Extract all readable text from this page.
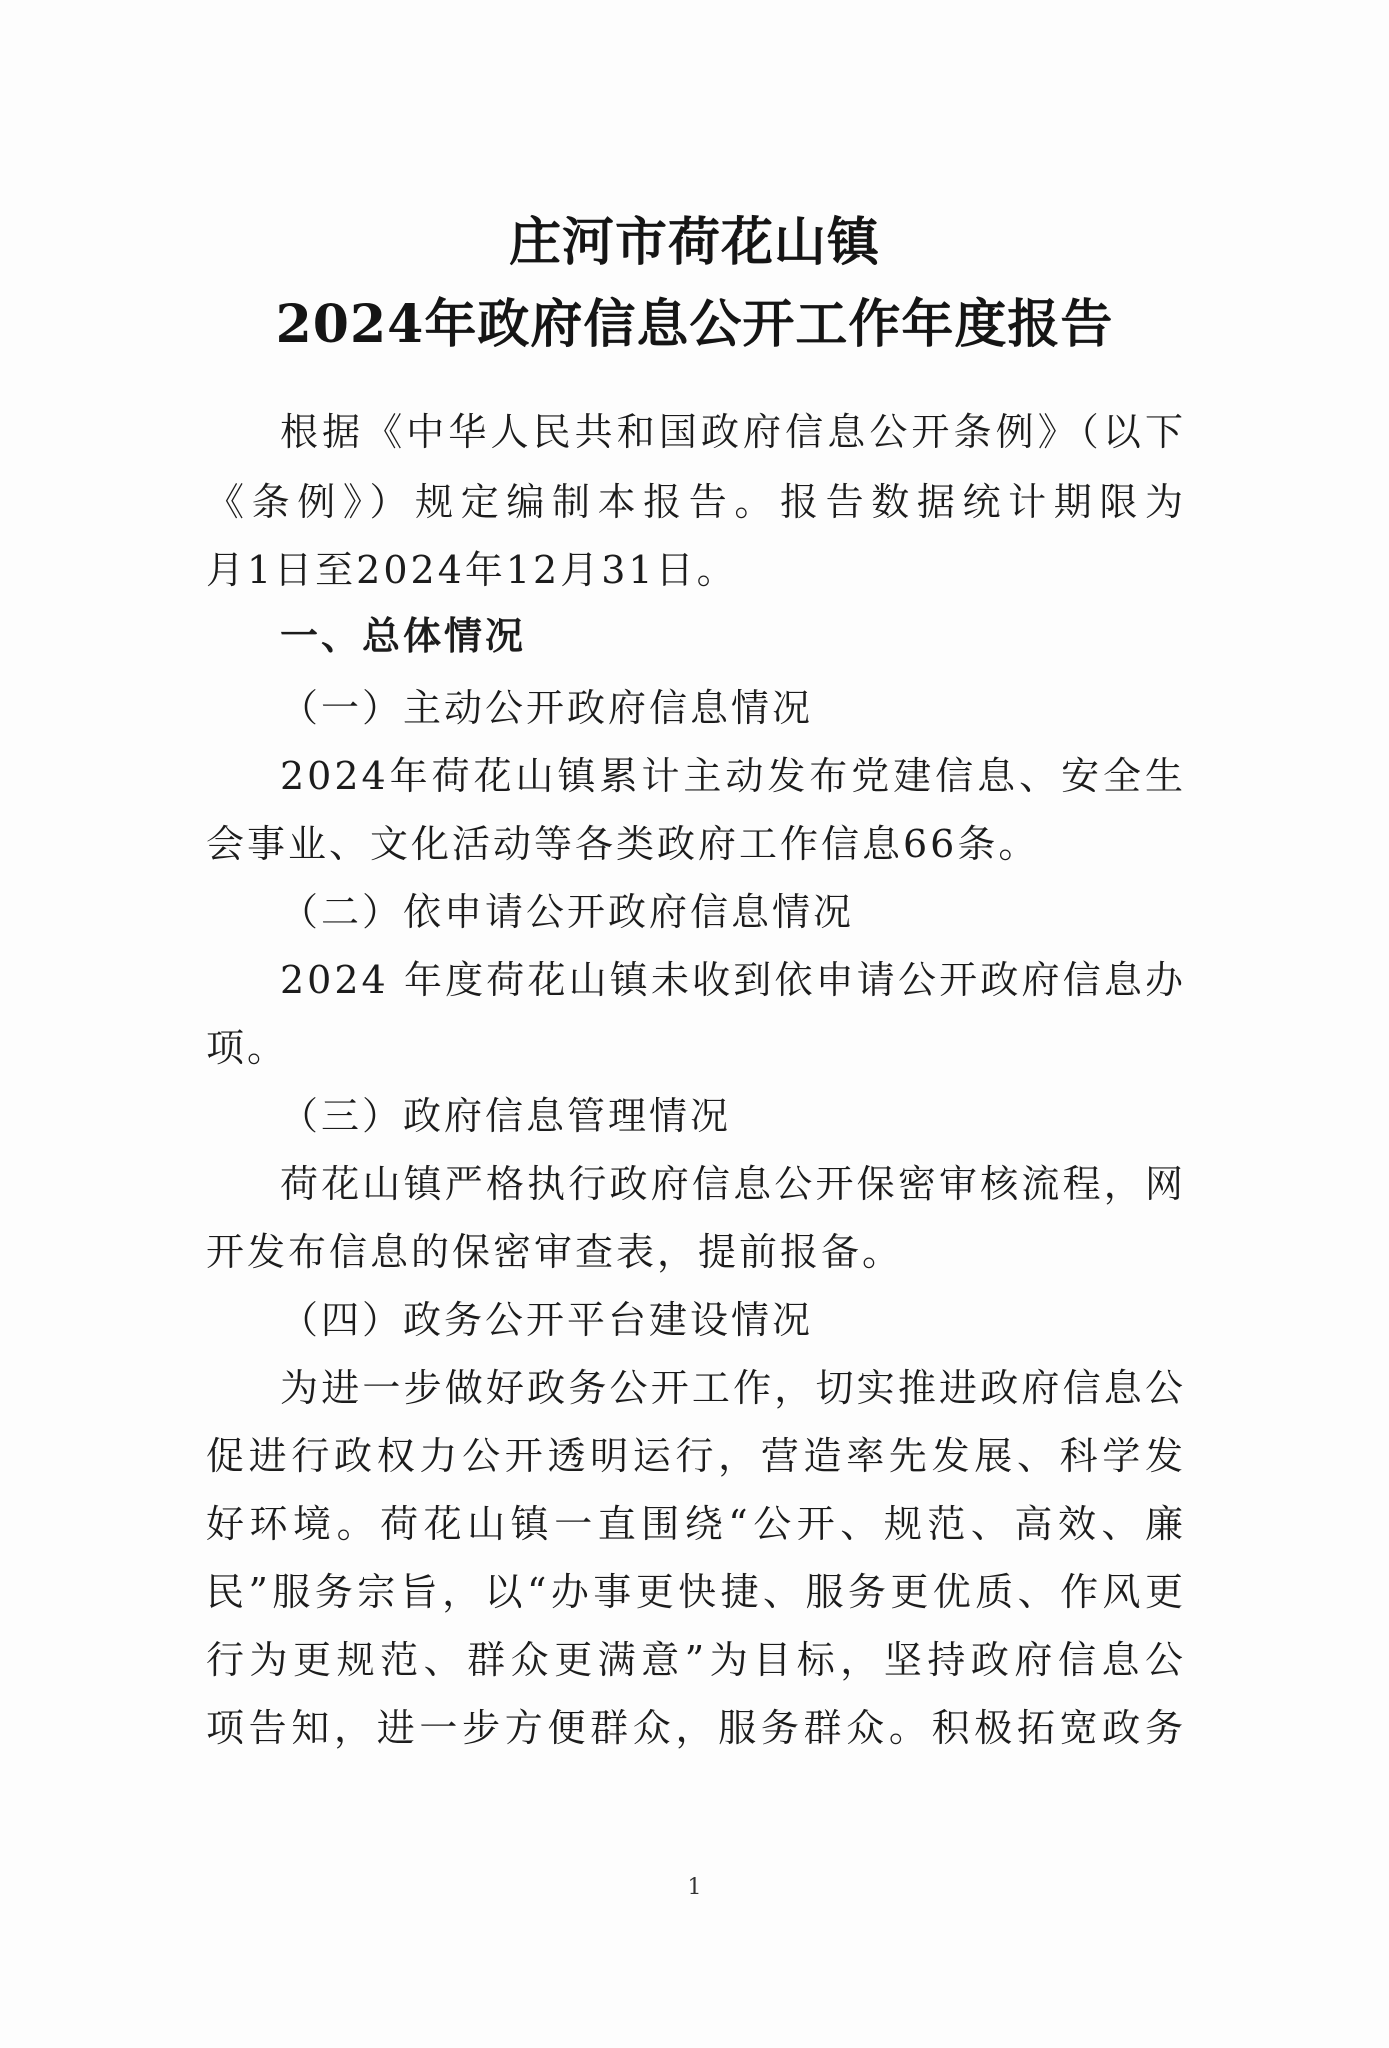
庄河市荷花山镇
2024年政府信息公开工作年度报告
根据《中华人民共和国政府信息公开条例》（以下
《条例》）规定编制本报告。报告数据统计期限为
月1日至2024年12月31日。
一、总体情况
（一）主动公开政府信息情况
2024年荷花山镇累计主动发布党建信息、安全生
会事业、文化活动等各类政府工作信息66条。
（二）依申请公开政府信息情况
2024 年度荷花山镇未收到依申请公开政府信息办
项。
（三）政府信息管理情况
荷花山镇严格执行政府信息公开保密审核流程，网
开发布信息的保密审查表，提前报备。
（四）政务公开平台建设情况
为进一步做好政务公开工作，切实推进政府信息公
促进行政权力公开透明运行，营造率先发展、科学发
好环境。荷花山镇一直围绕“公开、规范、高效、廉
民”服务宗旨，以“办事更快捷、服务更优质、作风更
行为更规范、群众更满意”为目标，坚持政府信息公
项告知，进一步方便群众，服务群众。积极拓宽政务
1
